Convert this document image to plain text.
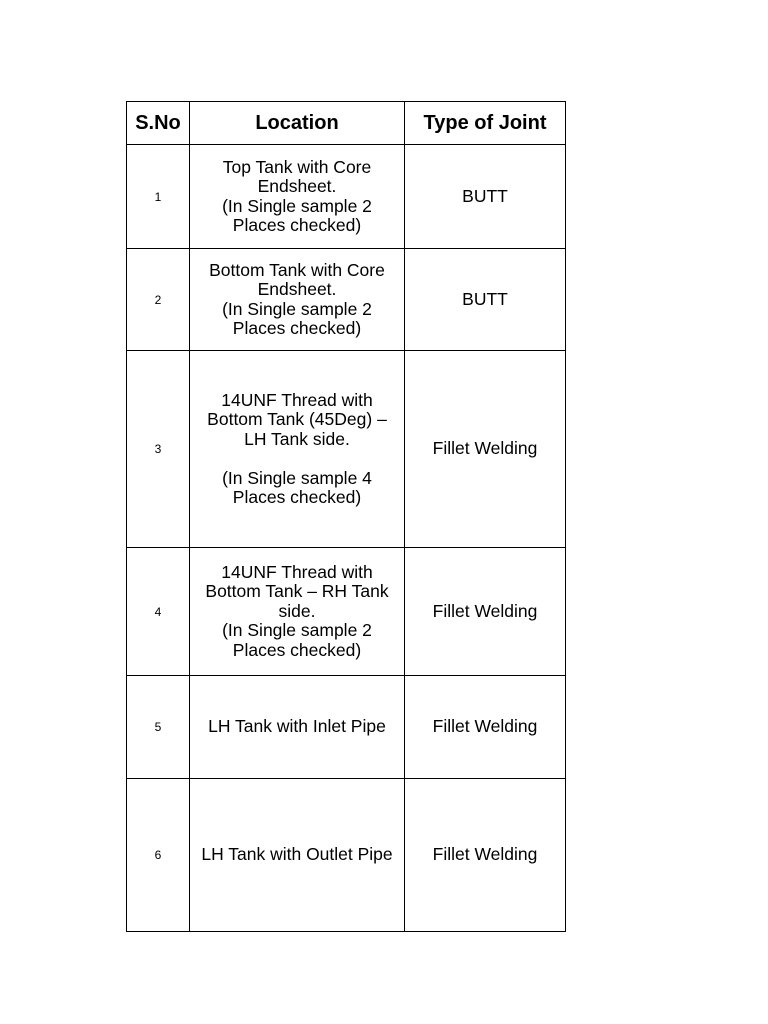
S.No	Location	Type of Joint
1	Top Tank with Core
Endsheet.
(In Single sample 2
Places checked)	BUTT
2	Bottom Tank with Core
Endsheet.
(In Single sample 2
Places checked)	BUTT
3	14UNF Thread with
Bottom Tank (45Deg) –
LH Tank side.
(In Single sample 4
Places checked)	Fillet Welding
4	14UNF Thread with
Bottom Tank – RH Tank
side.
(In Single sample 2
Places checked)	Fillet Welding
5	LH Tank with Inlet Pipe	Fillet Welding
6	LH Tank with Outlet Pipe	Fillet Welding
